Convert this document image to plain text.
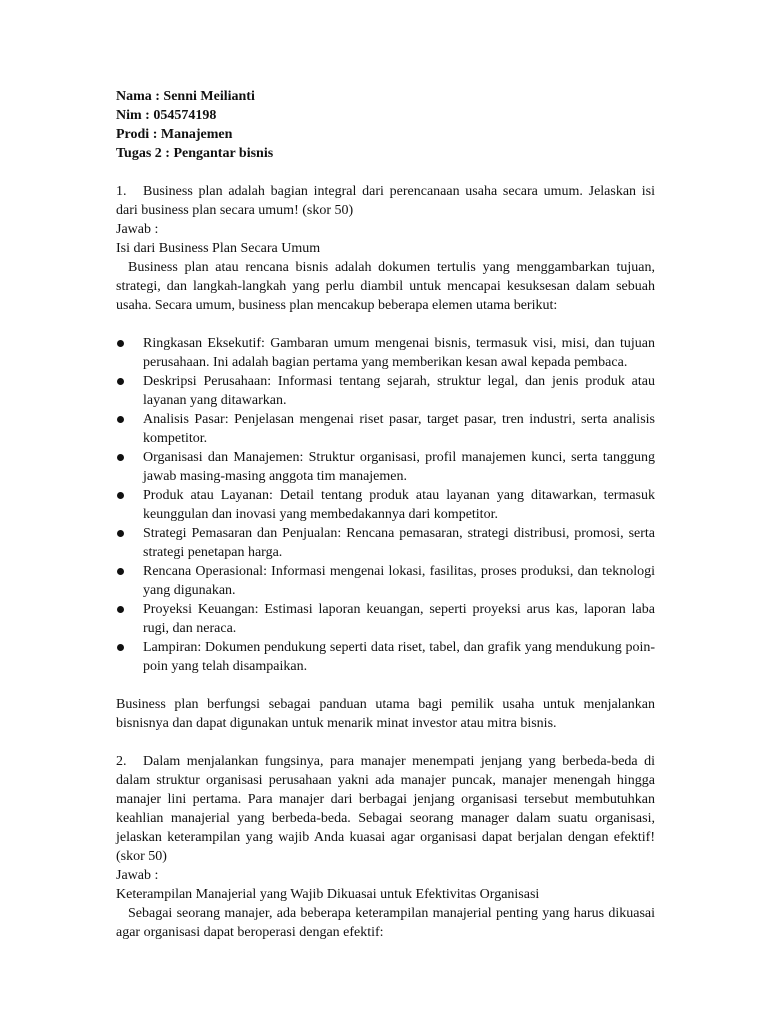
Nama : Senni Meilianti
Nim : 054574198
Prodi : Manajemen
Tugas 2 : Pengantar bisnis
1. Business plan adalah bagian integral dari perencanaan usaha secara umum. Jelaskan isi dari business plan secara umum! (skor 50)
Jawab :
Isi dari Business Plan Secara Umum
Business plan atau rencana bisnis adalah dokumen tertulis yang menggambarkan tujuan, strategi, dan langkah-langkah yang perlu diambil untuk mencapai kesuksesan dalam sebuah usaha. Secara umum, business plan mencakup beberapa elemen utama berikut:
Ringkasan Eksekutif: Gambaran umum mengenai bisnis, termasuk visi, misi, dan tujuan perusahaan. Ini adalah bagian pertama yang memberikan kesan awal kepada pembaca.
Deskripsi Perusahaan: Informasi tentang sejarah, struktur legal, dan jenis produk atau layanan yang ditawarkan.
Analisis Pasar: Penjelasan mengenai riset pasar, target pasar, tren industri, serta analisis kompetitor.
Organisasi dan Manajemen: Struktur organisasi, profil manajemen kunci, serta tanggung jawab masing-masing anggota tim manajemen.
Produk atau Layanan: Detail tentang produk atau layanan yang ditawarkan, termasuk keunggulan dan inovasi yang membedakannya dari kompetitor.
Strategi Pemasaran dan Penjualan: Rencana pemasaran, strategi distribusi, promosi, serta strategi penetapan harga.
Rencana Operasional: Informasi mengenai lokasi, fasilitas, proses produksi, dan teknologi yang digunakan.
Proyeksi Keuangan: Estimasi laporan keuangan, seperti proyeksi arus kas, laporan laba rugi, dan neraca.
Lampiran: Dokumen pendukung seperti data riset, tabel, dan grafik yang mendukung poin-poin yang telah disampaikan.
Business plan berfungsi sebagai panduan utama bagi pemilik usaha untuk menjalankan bisnisnya dan dapat digunakan untuk menarik minat investor atau mitra bisnis.
2. Dalam menjalankan fungsinya, para manajer menempati jenjang yang berbeda-beda di dalam struktur organisasi perusahaan yakni ada manajer puncak, manajer menengah hingga manajer lini pertama. Para manajer dari berbagai jenjang organisasi tersebut membutuhkan keahlian manajerial yang berbeda-beda. Sebagai seorang manager dalam suatu organisasi, jelaskan keterampilan yang wajib Anda kuasai agar organisasi dapat berjalan dengan efektif! (skor 50)
Jawab :
Keterampilan Manajerial yang Wajib Dikuasai untuk Efektivitas Organisasi
Sebagai seorang manajer, ada beberapa keterampilan manajerial penting yang harus dikuasai agar organisasi dapat beroperasi dengan efektif:
